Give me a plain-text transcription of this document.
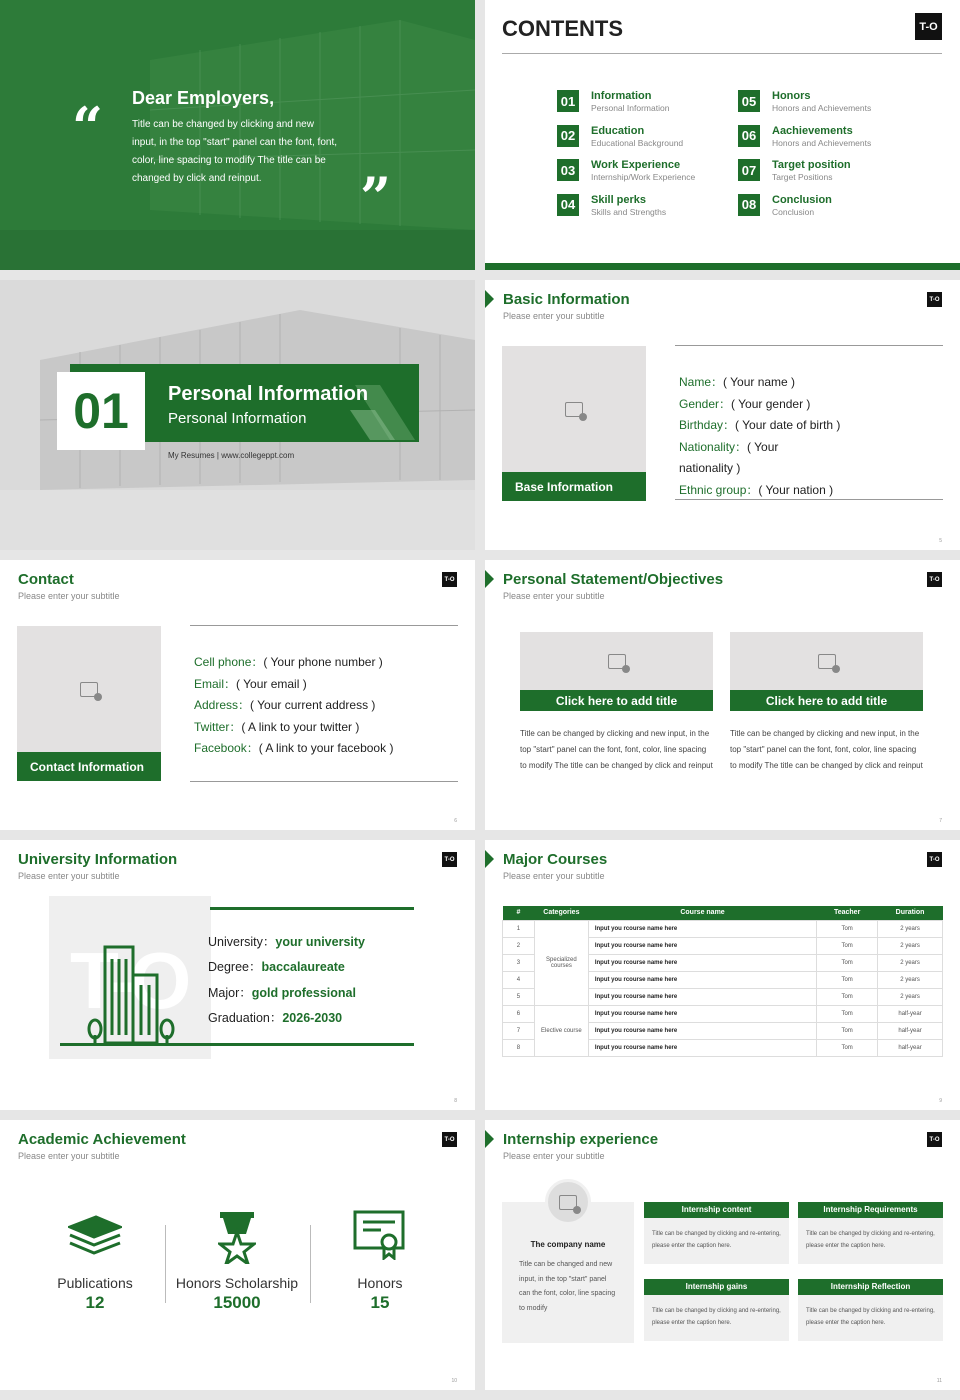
“
”
Dear Employers,
Title can be changed by clicking and new input, in the top "start" panel can the font, font, color, line spacing to modify The title can be changed by click and reinput.
CONTENTS	T-O
01	Information
Personal Information
02	Education
Educational Background
03	Work Experience
Internship/Work Experience
04	Skill perks
Skills and Strengths
05	Honors
Honors and Achievements
06	Aachievements
Honors and Achievements
07	Target position
Target Positions
08	Conclusion
Conclusion
01	Personal Information
Personal Information
My Resumes | www.collegeppt.com
Basic Information
Please enter your subtitle
T-O
Base Information
Name：( Your name )
Gender：( Your gender )
Birthday：( Your date of birth )
Nationality：( Your
nationality )
Ethnic group：( Your nation )
5
Contact
Please enter your subtitle
T-O
Contact Information
Cell phone：( Your phone number )
Email：( Your email )
Address：( Your current address )
Twitter：( A link to your twitter )
Facebook：( A link to your facebook )
6
Personal Statement/Objectives
Please enter your subtitle
T-O
Click here to add title
Title can be changed by clicking and new input, in the top "start" panel can the font, font, color, line spacing to modify The title can be changed by click and reinput
Click here to add title
Title can be changed by clicking and new input, in the top "start" panel can the font, font, color, line spacing to modify The title can be changed by click and reinput
7
University Information
Please enter your subtitle
T-O
T-O University：your university
Degree：baccalaureate
Major：gold professional
Graduation：2026-2030
8
Major Courses
Please enter your subtitle
T-O
#	Categories	Course name	Teacher	Duration
1	Specialized courses	Input you rcourse name here	Tom	2 years
2		Input you rcourse name here	Tom	2 years
3		Input you rcourse name here	Tom	2 years
4		Input you rcourse name here	Tom	2 years
5		Input you rcourse name here	Tom	2 years
6	Elective course	Input you rcourse name here	Tom	half-year
7		Input you rcourse name here	Tom	half-year
8		Input you rcourse name here	Tom	half-year
9
Academic Achievement
Please enter your subtitle
T-O
Publications
12
Honors Scholarship
15000
Honors
15
10
Internship experience
Please enter your subtitle
T-O
The company name
Title can be changed and new input, in the top "start" panel can the font, color, line spacing to modify
Internship content
Title can be changed by clicking and re-entering, please enter the caption here.
Internship Requirements
Title can be changed by clicking and re-entering, please enter the caption here.
Internship gains
Title can be changed by clicking and re-entering, please enter the caption here.
Internship Reflection
Title can be changed by clicking and re-entering, please enter the caption here.
11
